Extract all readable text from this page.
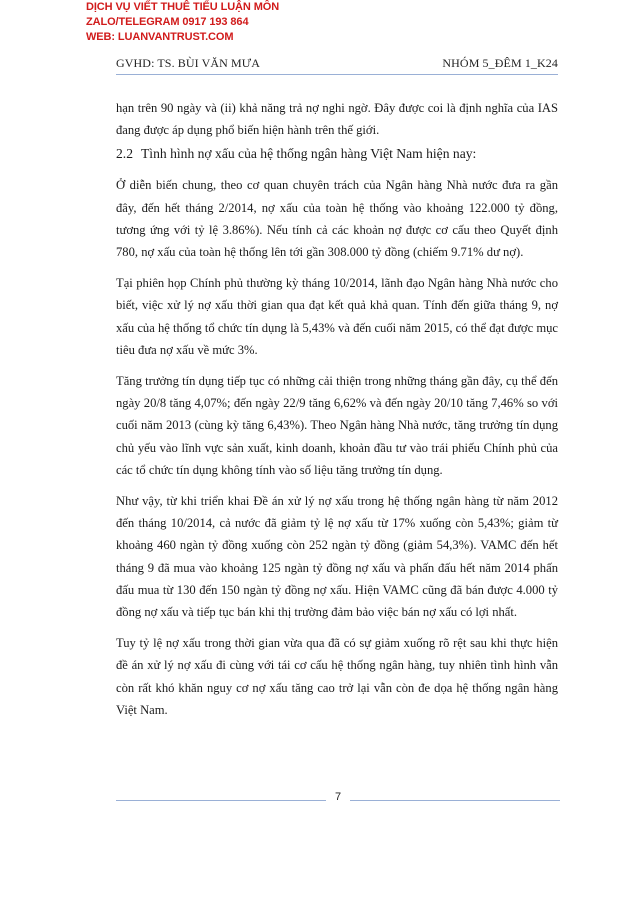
DỊCH VỤ VIẾT THUÊ TIỂU LUẬN MÔN
ZALO/TELEGRAM 0917 193 864
WEB: LUANVANTRUST.COM
GVHD: TS. BÙI VĂN MƯA	NHÓM 5_ĐÊM 1_K24

hạn trên 90 ngày và (ii) khả năng trả nợ nghi ngờ. Đây được coi là định nghĩa của IAS đang được áp dụng phổ biến hiện hành trên thế giới.

2.2 Tình hình nợ xấu của hệ thống ngân hàng Việt Nam hiện nay:

Ở diễn biến chung, theo cơ quan chuyên trách của Ngân hàng Nhà nước đưa ra gần đây, đến hết tháng 2/2014, nợ xấu của toàn hệ thống vào khoảng 122.000 tỷ đồng, tương ứng với tỷ lệ 3.86%). Nếu tính cả các khoản nợ được cơ cấu theo Quyết định 780, nợ xấu của toàn hệ thống lên tới gần 308.000 tỷ đồng (chiếm 9.71% dư nợ).

Tại phiên họp Chính phủ thường kỳ tháng 10/2014, lãnh đạo Ngân hàng Nhà nước cho biết, việc xử lý nợ xấu thời gian qua đạt kết quả khả quan. Tính đến giữa tháng 9, nợ xấu của hệ thống tổ chức tín dụng là 5,43% và đến cuối năm 2015, có thể đạt được mục tiêu đưa nợ xấu về mức 3%.

Tăng trưởng tín dụng tiếp tục có những cải thiện trong những tháng gần đây, cụ thể đến ngày 20/8 tăng 4,07%; đến ngày 22/9 tăng 6,62% và đến ngày 20/10 tăng 7,46% so với cuối năm 2013 (cùng kỳ tăng 6,43%). Theo Ngân hàng Nhà nước, tăng trưởng tín dụng chủ yếu vào lĩnh vực sản xuất, kinh doanh, khoản đầu tư vào trái phiếu Chính phủ của các tổ chức tín dụng không tính vào số liệu tăng trưởng tín dụng.

Như vậy, từ khi triển khai Đề án xử lý nợ xấu trong hệ thống ngân hàng từ năm 2012 đến tháng 10/2014, cả nước đã giảm tỷ lệ nợ xấu từ 17% xuống còn 5,43%; giảm từ khoảng 460 ngàn tỷ đồng xuống còn 252 ngàn tỷ đồng (giảm 54,3%). VAMC đến hết tháng 9 đã mua vào khoảng 125 ngàn tỷ đồng nợ xấu và phấn đấu hết năm 2014 phấn đấu mua từ 130 đến 150 ngàn tỷ đồng nợ xấu. Hiện VAMC cũng đã bán được 4.000 tỷ đồng nợ xấu và tiếp tục bán khi thị trường đảm bảo việc bán nợ xấu có lợi nhất.

Tuy tỷ lệ nợ xấu trong thời gian vừa qua đã có sự giảm xuống rõ rệt sau khi thực hiện đề án xử lý nợ xấu đi cùng với tái cơ cấu hệ thống ngân hàng, tuy nhiên tình hình vẫn còn rất khó khăn nguy cơ nợ xấu tăng cao trở lại vẫn còn đe dọa hệ thống ngân hàng Việt Nam.

7
